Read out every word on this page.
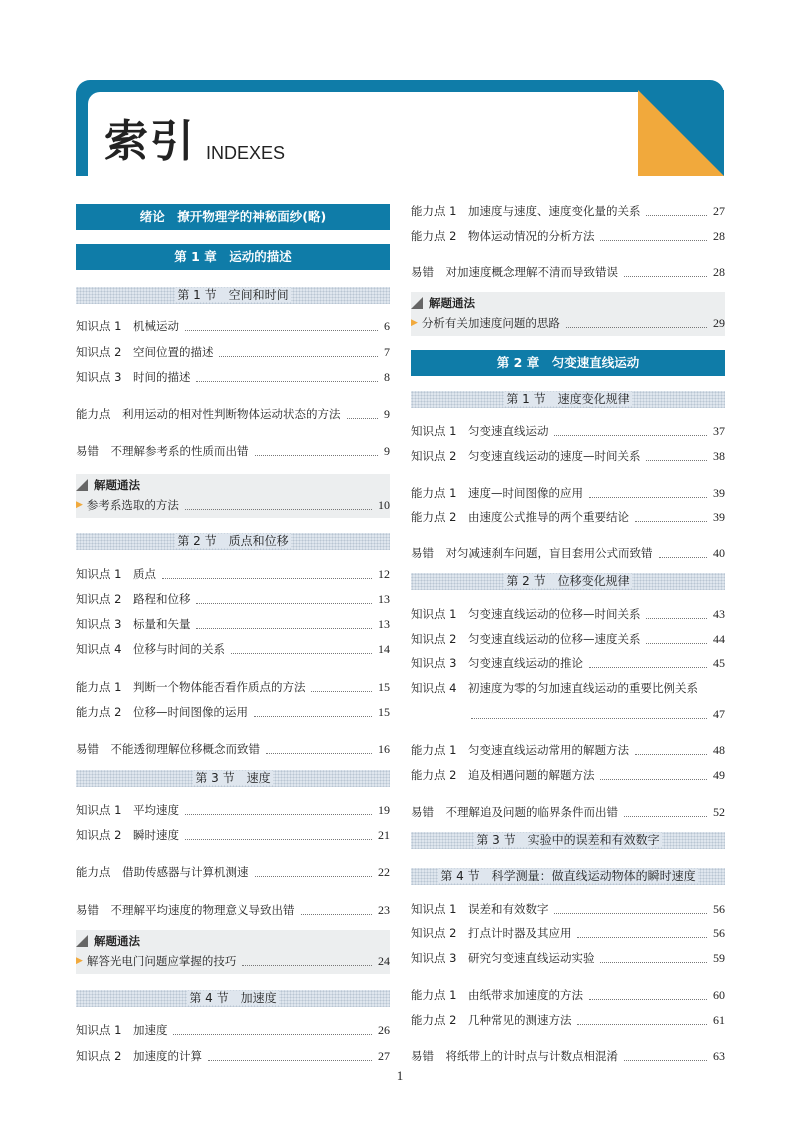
索引 INDEXES
绪论　撩开物理学的神秘面纱(略)
第 1 章　运动的描述
第 1 节　空间和时间
知识点 1　机械运动	6
知识点 2　空间位置的描述	7
知识点 3　时间的描述	8
能力点　利用运动的相对性判断物体运动状态的方法	9
易错　不理解参考系的性质而出错	9
解题通法
▶ 参考系选取的方法	10
第 2 节　质点和位移
知识点 1　质点	12
知识点 2　路程和位移	13
知识点 3　标量和矢量	13
知识点 4　位移与时间的关系	14
能力点 1　判断一个物体能否看作质点的方法	15
能力点 2　位移—时间图像的运用	15
易错　不能透彻理解位移概念而致错	16
第 3 节　速度
知识点 1　平均速度	19
知识点 2　瞬时速度	21
能力点　借助传感器与计算机测速	22
易错　不理解平均速度的物理意义导致出错	23
解题通法
▶ 解答光电门问题应掌握的技巧	24
第 4 节　加速度
知识点 1　加速度	26
知识点 2　加速度的计算	27
能力点 1　加速度与速度、速度变化量的关系	27
能力点 2　物体运动情况的分析方法	28
易错　对加速度概念理解不清而导致错误	28
解题通法
▶ 分析有关加速度问题的思路	29
第 2 章　匀变速直线运动
第 1 节　速度变化规律
知识点 1　匀变速直线运动	37
知识点 2　匀变速直线运动的速度—时间关系	38
能力点 1　速度—时间图像的应用	39
能力点 2　由速度公式推导的两个重要结论	39
易错　对匀减速刹车问题，盲目套用公式而致错	40
第 2 节　位移变化规律
知识点 1　匀变速直线运动的位移—时间关系	43
知识点 2　匀变速直线运动的位移—速度关系	44
知识点 3　匀变速直线运动的推论	45
知识点 4　初速度为零的匀加速直线运动的重要比例关系
47
能力点 1　匀变速直线运动常用的解题方法	48
能力点 2　追及相遇问题的解题方法	49
易错　不理解追及问题的临界条件而出错	52
第 3 节　实验中的误差和有效数字
第 4 节　科学测量：做直线运动物体的瞬时速度
知识点 1　误差和有效数字	56
知识点 2　打点计时器及其应用	56
知识点 3　研究匀变速直线运动实验	59
能力点 1　由纸带求加速度的方法	60
能力点 2　几种常见的测速方法	61
易错　将纸带上的计时点与计数点相混淆	63
1
